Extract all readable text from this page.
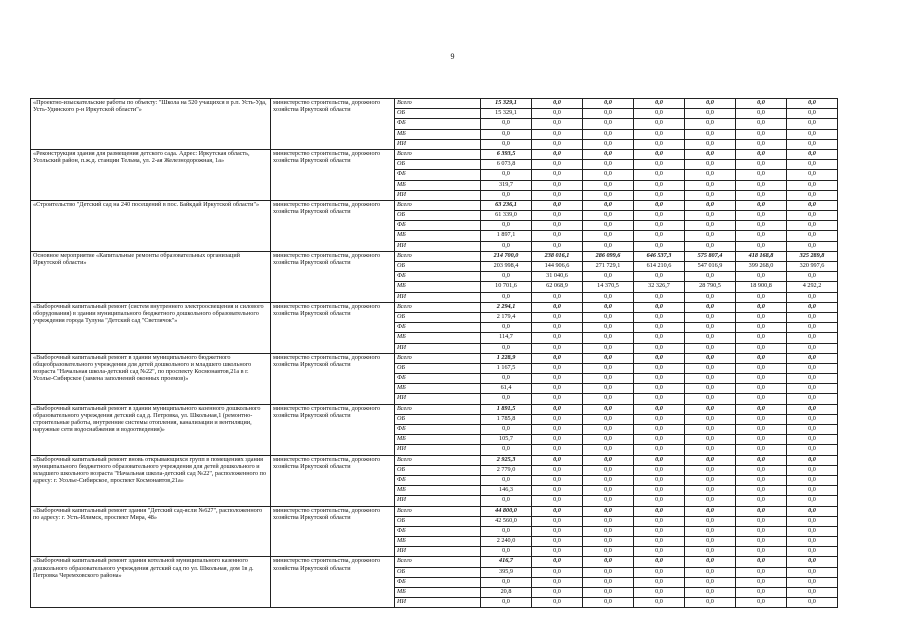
9
«Проектно-изыскательские работы по объекту: "Школа на 520 учащихся в р.п. Усть-Уда, Усть-Удинского р-н Иркутской области"»	министерство строительства, дорожного хозяйства Иркутской области	Всего	15 329,1	0,0	0,0	0,0	0,0	0,0	0,0
		ОБ	15 329,1	0,0	0,0	0,0	0,0	0,0	0,0
		ФБ	0,0	0,0	0,0	0,0	0,0	0,0	0,0
		МБ	0,0	0,0	0,0	0,0	0,0	0,0	0,0
		ИИ	0,0	0,0	0,0	0,0	0,0	0,0	0,0
«Реконструкция здания для размещения детского сада. Адрес: Иркутская область, Усольский район, п.ж.д. станции Тельма, ул. 2-ая Железнодорожная, 1а»	министерство строительства, дорожного хозяйства Иркутской области	Всего	6 393,5	0,0	0,0	0,0	0,0	0,0	0,0
		ОБ	6 073,8	0,0	0,0	0,0	0,0	0,0	0,0
		ФБ	0,0	0,0	0,0	0,0	0,0	0,0	0,0
		МБ	319,7	0,0	0,0	0,0	0,0	0,0	0,0
		ИИ	0,0	0,0	0,0	0,0	0,0	0,0	0,0
«Строительство "Детский сад на 240 посещений в пос. Байкдай Иркутской области"»	министерство строительства, дорожного хозяйства Иркутской области	Всего	63 236,1	0,0	0,0	0,0	0,0	0,0	0,0
		ОБ	61 339,0	0,0	0,0	0,0	0,0	0,0	0,0
		ФБ	0,0	0,0	0,0	0,0	0,0	0,0	0,0
		МБ	1 897,1	0,0	0,0	0,0	0,0	0,0	0,0
		ИИ	0,0	0,0	0,0	0,0	0,0	0,0	0,0
Основное мероприятие «Капитальные ремонты образовательных организаций Иркутской области»	министерство строительства, дорожного хозяйства Иркутской области	Всего	214 700,0	238 016,1	286 099,6	646 537,3	575 807,4	418 168,8	325 289,8
		ОБ	203 998,4	144 906,6	271 729,1	614 210,6	547 016,9	399 268,0	320 997,6
		ФБ	0,0	31 040,6	0,0	0,0	0,0	0,0	0,0
		МБ	10 701,6	62 068,9	14 370,5	32 326,7	28 790,5	18 900,8	4 292,2
		ИИ	0,0	0,0	0,0	0,0	0,0	0,0	0,0
«Выборочный капитальный ремонт (систем внутреннего электроосвещения и силового оборудования) в здании муниципального бюджетного дошкольного образовательного учреждения города Тулуна "Детский сад "Светлячок"»	министерство строительства, дорожного хозяйства Иркутской области	Всего	2 294,1	0,0	0,0	0,0	0,0	0,0	0,0
		ОБ	2 179,4	0,0	0,0	0,0	0,0	0,0	0,0
		ФБ	0,0	0,0	0,0	0,0	0,0	0,0	0,0
		МБ	114,7	0,0	0,0	0,0	0,0	0,0	0,0
		ИИ	0,0	0,0	0,0	0,0	0,0	0,0	0,0
«Выборочный капитальный ремонт в здании муниципального бюджетного общеобразовательного учреждения для детей дошкольного и младшего школьного возраста "Начальная школа-детский сад №22", по проспекту Космонавтов,21а в г. Усолье-Сибирское (замена заполнений оконных проемов)»	министерство строительства, дорожного хозяйства Иркутской области	Всего	1 228,9	0,0	0,0	0,0	0,0	0,0	0,0
		ОБ	1 167,5	0,0	0,0	0,0	0,0	0,0	0,0
		ФБ	0,0	0,0	0,0	0,0	0,0	0,0	0,0
		МБ	61,4	0,0	0,0	0,0	0,0	0,0	0,0
		ИИ	0,0	0,0	0,0	0,0	0,0	0,0	0,0
«Выборочный капитальный ремонт в здании муниципального казенного дошкольного образовательного учреждения детский сад д. Петровка, ул. Школьная,1 (ремонтно-строительные работы, внутренние системы отопления, канализации и вентиляции, наружные сети водоснабжения и водоотведения)»	министерство строительства, дорожного хозяйства Иркутской области	Всего	1 891,5	0,0	0,0	0,0	0,0	0,0	0,0
		ОБ	1 785,8	0,0	0,0	0,0	0,0	0,0	0,0
		ФБ	0,0	0,0	0,0	0,0	0,0	0,0	0,0
		МБ	105,7	0,0	0,0	0,0	0,0	0,0	0,0
		ИИ	0,0	0,0	0,0	0,0	0,0	0,0	0,0
«Выборочный капитальный ремонт вновь открывающихся групп в помещениях здания муниципального бюджетного образовательного учреждения для детей дошкольного и младшего школьного возраста "Начальная школа-детский сад №22", расположенного по адресу: г. Усолье-Сибирское, проспект Космонавтов,21а»	министерство строительства, дорожного хозяйства Иркутской области	Всего	2 925,3	0,0	0,0	0,0	0,0	0,0	0,0
		ОБ	2 779,0	0,0	0,0	0,0	0,0	0,0	0,0
		ФБ	0,0	0,0	0,0	0,0	0,0	0,0	0,0
		МБ	146,3	0,0	0,0	0,0	0,0	0,0	0,0
		ИИ	0,0	0,0	0,0	0,0	0,0	0,0	0,0
«Выборочный капитальный ремонт здания "Детский сад-ясли №627", расположенного по адресу: г. Усть-Илимск, проспект Мира, 48»	министерство строительства, дорожного хозяйства Иркутской области	Всего	44 800,0	0,0	0,0	0,0	0,0	0,0	0,0
		ОБ	42 560,0	0,0	0,0	0,0	0,0	0,0	0,0
		ФБ	0,0	0,0	0,0	0,0	0,0	0,0	0,0
		МБ	2 240,0	0,0	0,0	0,0	0,0	0,0	0,0
		ИИ	0,0	0,0	0,0	0,0	0,0	0,0	0,0
«Выборочный капитальный ремонт здания котельной муниципального казенного дошкольного образовательного учреждения детский сад по ул. Школьная, дом 1в д. Петровка Черемховского района»	министерство строительства, дорожного хозяйства Иркутской области	Всего	416,7	0,0	0,0	0,0	0,0	0,0	0,0
		ОБ	395,9	0,0	0,0	0,0	0,0	0,0	0,0
		ФБ	0,0	0,0	0,0	0,0	0,0	0,0	0,0
		МБ	20,8	0,0	0,0	0,0	0,0	0,0	0,0
		ИИ	0,0	0,0	0,0	0,0	0,0	0,0	0,0
